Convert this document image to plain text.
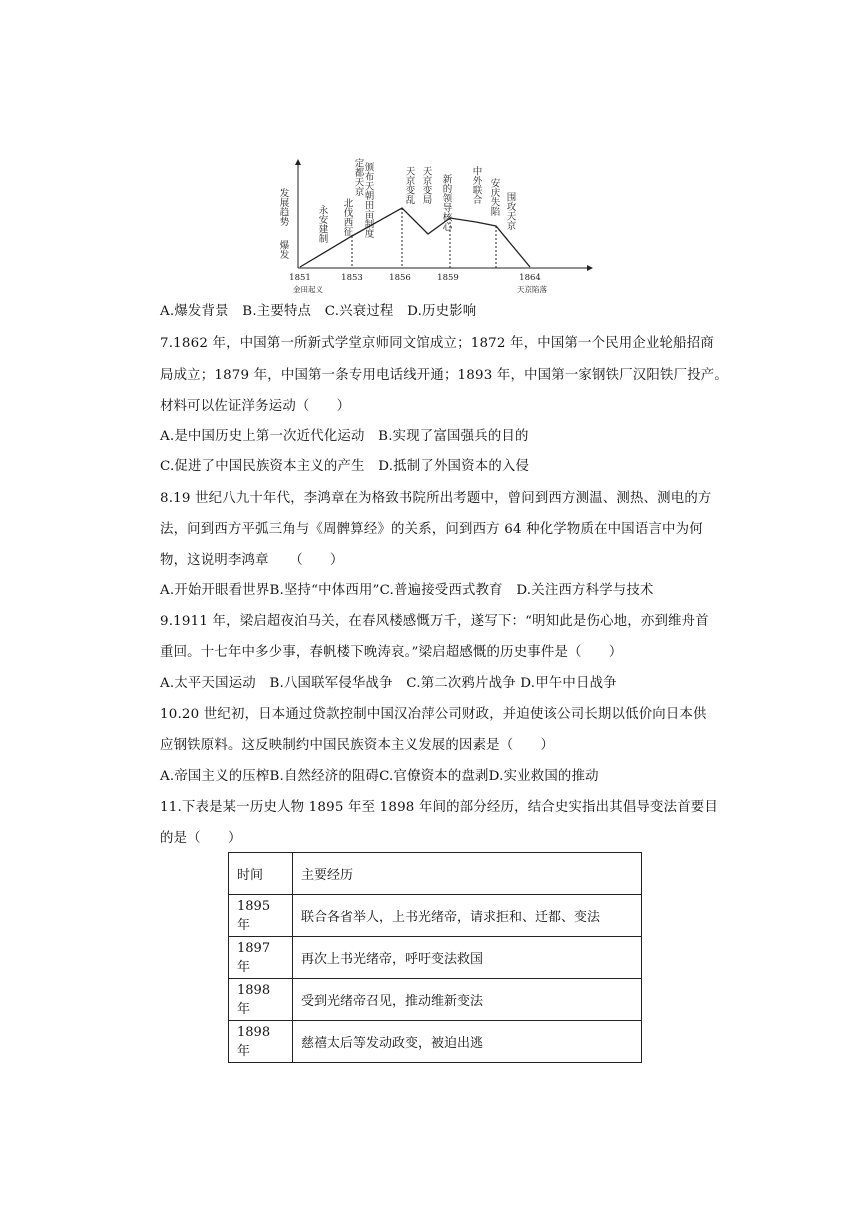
发展趋势
爆发
永安建制
定都天京 颁布天朝田亩制度
北伐西征
天京变乱 天京变局 新的领导核心 中外联合 安庆失陷 围攻天京
1851	1853	1856	1859	1864
金田起义	天京陷落
A.爆发背景　B.主要特点　C.兴衰过程　D.历史影响
7.1862 年，中国第一所新式学堂京师同文馆成立；1872 年，中国第一个民用企业轮船招商
局成立；1879 年，中国第一条专用电话线开通；1893 年，中国第一家钢铁厂汉阳铁厂投产。
材料可以佐证洋务运动（　　）
A.是中国历史上第一次近代化运动　B.实现了富国强兵的目的
C.促进了中国民族资本主义的产生　D.抵制了外国资本的入侵
8.19 世纪八九十年代，李鸿章在为格致书院所出考题中，曾问到西方测温、测热、测电的方
法，问到西方平弧三角与《周髀算经》的关系，问到西方 64 种化学物质在中国语言中为何
物，这说明李鸿章　　（　　）
A.开始开眼看世界B.坚持“中体西用”C.普遍接受西式教育　D.关注西方科学与技术
9.1911 年，梁启超夜泊马关，在春风楼感慨万千，遂写下：“明知此是伤心地，亦到维舟首
重回。十七年中多少事，春帆楼下晚涛哀。”梁启超感慨的历史事件是（　　）
A.太平天国运动　B.八国联军侵华战争　C.第二次鸦片战争 D.甲午中日战争
10.20 世纪初，日本通过贷款控制中国汉冶萍公司财政，并迫使该公司长期以低价向日本供
应钢铁原料。这反映制约中国民族资本主义发展的因素是（　　）
A.帝国主义的压榨B.自然经济的阻碍C.官僚资本的盘剥D.实业救国的推动
11.下表是某一历史人物 1895 年至 1898 年间的部分经历，结合史实指出其倡导变法首要目
的是（　　）
时间	主要经历
1895 年	联合各省举人，上书光绪帝，请求拒和、迁都、变法
1897 年	再次上书光绪帝，呼吁变法救国
1898 年	受到光绪帝召见，推动维新变法
1898 年	慈禧太后等发动政变，被迫出逃
